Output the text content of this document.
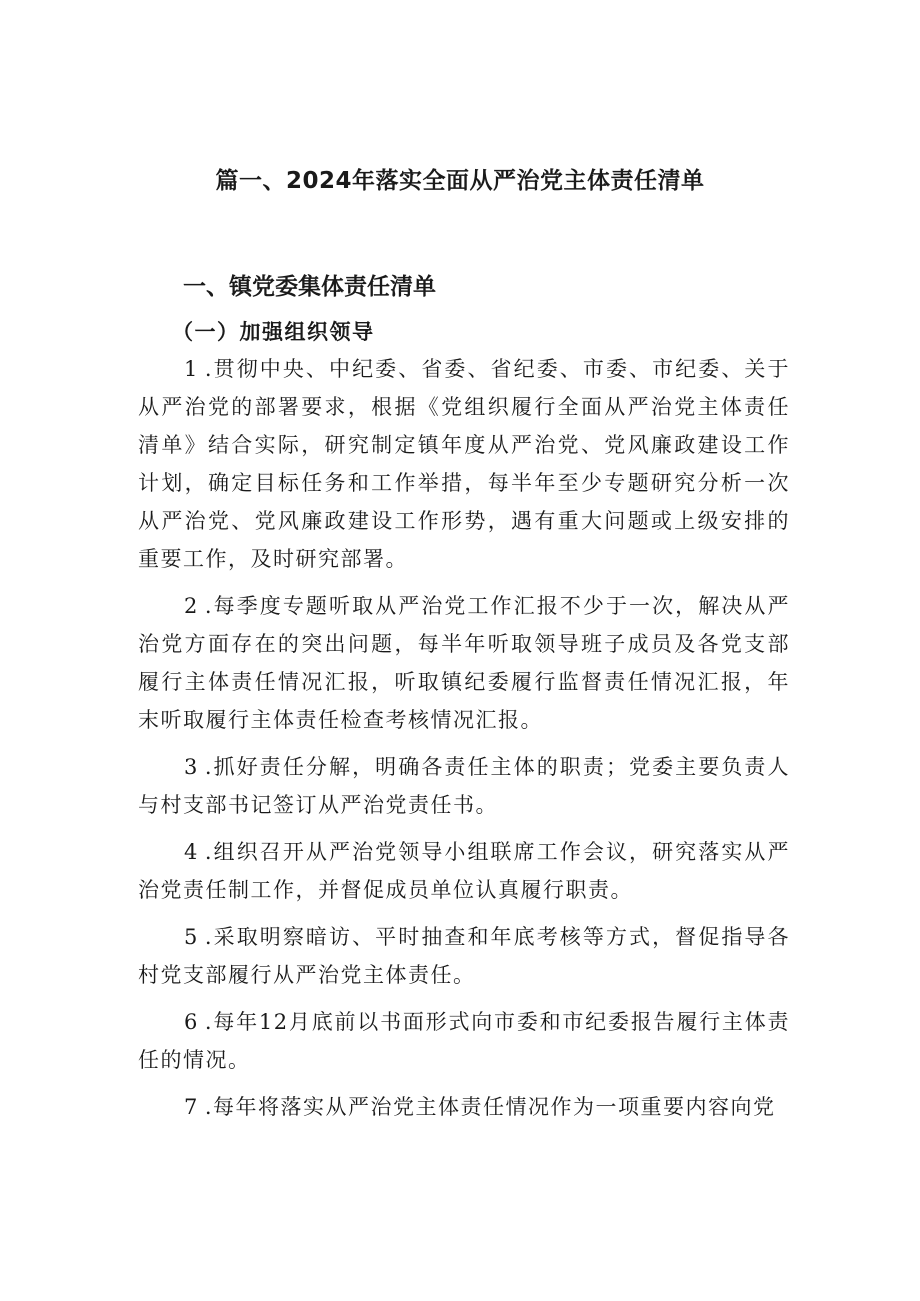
篇一、2024年落实全面从严治党主体责任清单
一、镇党委集体责任清单
（一）加强组织领导

1 .贯彻中央、中纪委、省委、省纪委、市委、市纪委、关于从严治党的部署要求，根据《党组织履行全面从严治党主体责任清单》结合实际，研究制定镇年度从严治党、党风廉政建设工作计划，确定目标任务和工作举措，每半年至少专题研究分析一次从严治党、党风廉政建设工作形势，遇有重大问题或上级安排的重要工作，及时研究部署。

2 .每季度专题听取从严治党工作汇报不少于一次，解决从严治党方面存在的突出问题，每半年听取领导班子成员及各党支部履行主体责任情况汇报，听取镇纪委履行监督责任情况汇报，年末听取履行主体责任检查考核情况汇报。

3 .抓好责任分解，明确各责任主体的职责；党委主要负责人与村支部书记签订从严治党责任书。

4 .组织召开从严治党领导小组联席工作会议，研究落实从严治党责任制工作，并督促成员单位认真履行职责。

5 .采取明察暗访、平时抽查和年底考核等方式，督促指导各村党支部履行从严治党主体责任。

6 .每年12月底前以书面形式向市委和市纪委报告履行主体责任的情况。

7 .每年将落实从严治党主体责任情况作为一项重要内容向党
